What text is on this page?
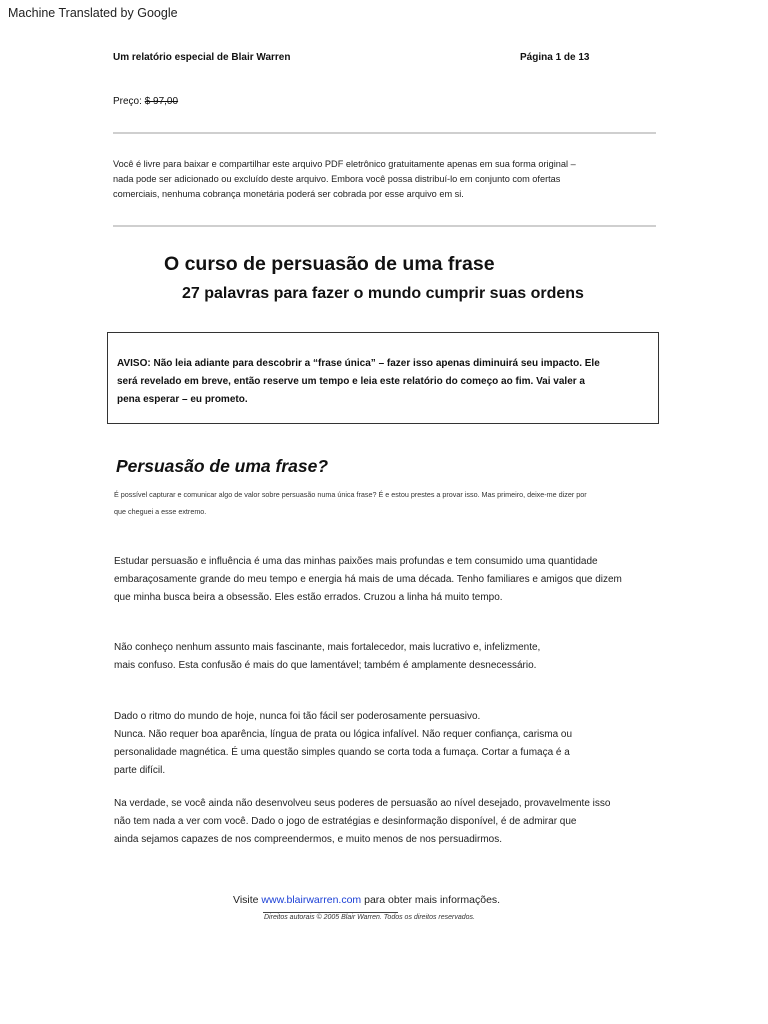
Machine Translated by Google
Um relatório especial de Blair Warren	Página 1 de 13
Preço: $ 97,00
Você é livre para baixar e compartilhar este arquivo PDF eletrônico gratuitamente apenas em sua forma original –
nada pode ser adicionado ou excluído deste arquivo. Embora você possa distribuí-lo em conjunto com ofertas
comerciais, nenhuma cobrança monetária poderá ser cobrada por esse arquivo em si.
O curso de persuasão de uma frase
27 palavras para fazer o mundo cumprir suas ordens
AVISO: Não leia adiante para descobrir a “frase única” – fazer isso apenas diminuirá seu impacto. Ele
será revelado em breve, então reserve um tempo e leia este relatório do começo ao fim. Vai valer a
pena esperar – eu prometo.
Persuasão de uma frase?
É possível capturar e comunicar algo de valor sobre persuasão numa única frase? É e estou prestes a provar isso. Mas primeiro, deixe-me dizer por
que cheguei a esse extremo.
Estudar persuasão e influência é uma das minhas paixões mais profundas e tem consumido uma quantidade
embaraçosamente grande do meu tempo e energia há mais de uma década. Tenho familiares e amigos que dizem
que minha busca beira a obsessão. Eles estão errados. Cruzou a linha há muito tempo.
Não conheço nenhum assunto mais fascinante, mais fortalecedor, mais lucrativo e, infelizmente,
mais confuso. Esta confusão é mais do que lamentável; também é amplamente desnecessário.
Dado o ritmo do mundo de hoje, nunca foi tão fácil ser poderosamente persuasivo.
Nunca. Não requer boa aparência, língua de prata ou lógica infalível. Não requer confiança, carisma ou
personalidade magnética. É uma questão simples quando se corta toda a fumaça. Cortar a fumaça é a
parte difícil.
Na verdade, se você ainda não desenvolveu seus poderes de persuasão ao nível desejado, provavelmente isso
não tem nada a ver com você. Dado o jogo de estratégias e desinformação disponível, é de admirar que
ainda sejamos capazes de nos compreendermos, e muito menos de nos persuadirmos.
Visite www.blairwarren.com para obter mais informações.
Direitos autorais © 2005 Blair Warren. Todos os direitos reservados.
